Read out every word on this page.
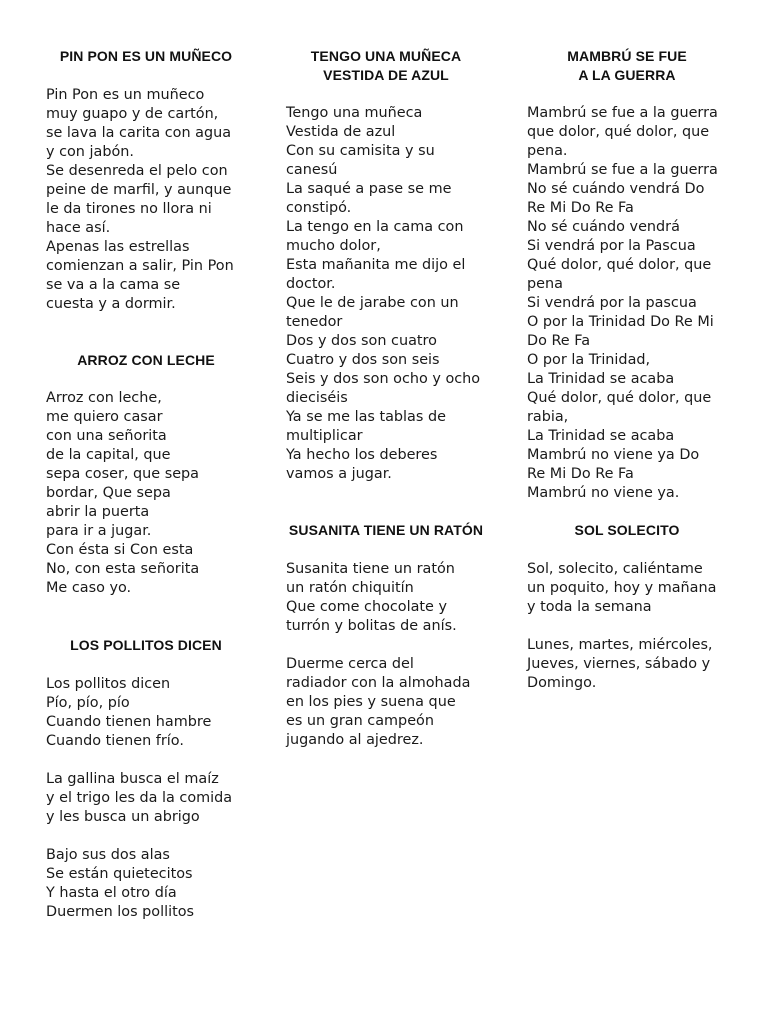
PIN PON ES UN MUÑECO
Pin Pon es un muñeco
muy guapo y de cartón,
se lava la carita con agua
y con jabón.
Se desenreda el pelo con
peine de marfil, y aunque
le da tirones no llora ni
hace así.
Apenas las estrellas
comienzan a salir, Pin Pon
se va a la cama se
cuesta y a dormir.
ARROZ CON LECHE
Arroz con leche,
me quiero casar
con una señorita
de la capital, que
sepa coser, que sepa
bordar, Que sepa
abrir la puerta
para ir a jugar.
Con ésta si Con esta
No, con esta señorita
Me caso yo.
LOS POLLITOS DICEN
Los pollitos dicen
Pío, pío, pío
Cuando tienen hambre
Cuando tienen frío.
La gallina busca el maíz
y el trigo les da la comida
y les busca un abrigo
Bajo sus dos alas
Se están quietecitos
Y hasta el otro día
Duermen los pollitos
TENGO UNA MUÑECA
VESTIDA DE AZUL
Tengo una muñeca
Vestida de azul
Con su camisita y su
canesú
La saqué a pase se me
constipó.
La tengo en la cama con
mucho dolor,
Esta mañanita me dijo el
doctor.
Que le de jarabe con un
tenedor
Dos y dos son cuatro
Cuatro y dos son seis
Seis y dos son ocho y ocho
dieciséis
Ya se me las tablas de
multiplicar
Ya hecho los deberes
vamos a jugar.
SUSANITA TIENE UN RATÓN
Susanita tiene un ratón
un ratón chiquitín
Que come chocolate y
turrón y bolitas de anís.
Duerme cerca del
radiador con la almohada
en los pies y suena que
es un gran campeón
jugando al ajedrez.
MAMBRÚ SE FUE
A LA GUERRA
Mambrú se fue a la guerra
que dolor, qué dolor, que
pena.
Mambrú se fue a la guerra
No sé cuándo vendrá Do
Re Mi Do Re Fa
No sé cuándo vendrá
Si vendrá por la Pascua
Qué dolor, qué dolor, que
pena
Si vendrá por la pascua
O por la Trinidad Do Re Mi
Do Re Fa
O por la Trinidad,
La Trinidad se acaba
Qué dolor, qué dolor, que
rabia,
La Trinidad se acaba
Mambrú no viene ya Do
Re Mi Do Re Fa
Mambrú no viene ya.
SOL SOLECITO
Sol, solecito, caliéntame
un poquito, hoy y mañana
y toda la semana
Lunes, martes, miércoles,
Jueves, viernes, sábado y
Domingo.
